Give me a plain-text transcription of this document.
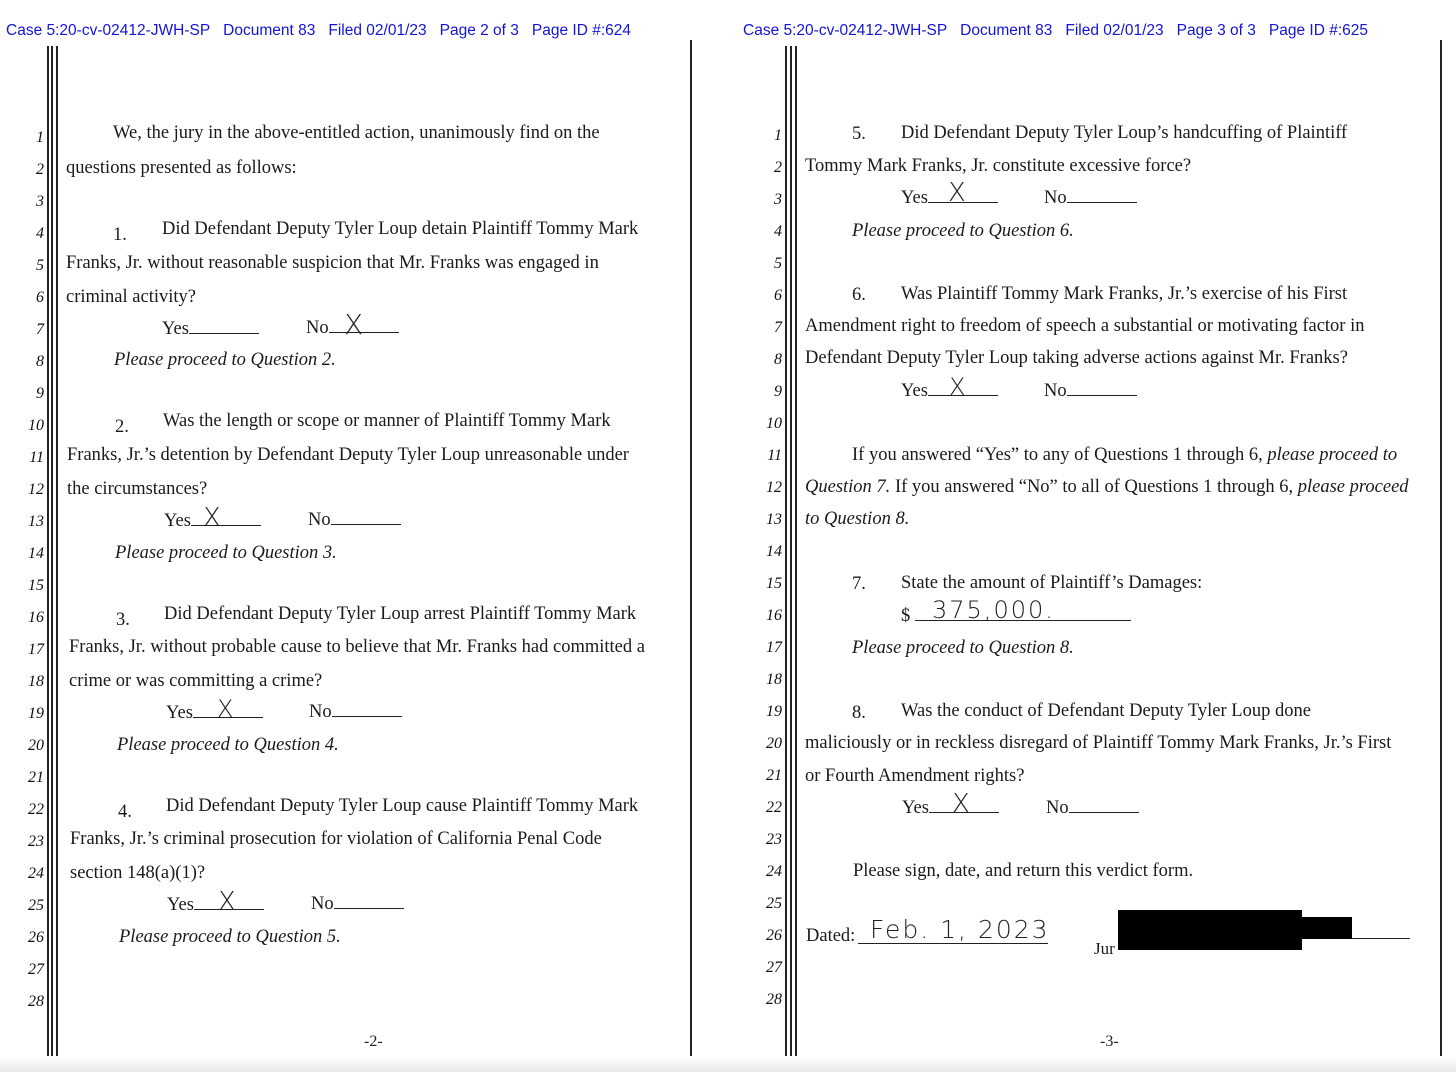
Case 5:20-cv-02412-JWH-SP Document 83 Filed 02/01/23 Page 2 of 3 Page ID #:624
1
2
3
4
5
6
7
8
9
10
11
12
13
14
15
16
17
18
19
20
21
22
23
24
25
26
27
28
We, the jury in the above-entitled action, unanimously find on the
questions presented as follows:
1. Did Defendant Deputy Tyler Loup detain Plaintiff Tommy Mark
Franks, Jr. without reasonable suspicion that Mr. Franks was engaged in
criminal activity?
Yes	No X
Please proceed to Question 2.
2. Was the length or scope or manner of Plaintiff Tommy Mark
Franks, Jr.’s detention by Defendant Deputy Tyler Loup unreasonable under
the circumstances?
Yes	No
X
Please proceed to Question 3.
3. Did Defendant Deputy Tyler Loup arrest Plaintiff Tommy Mark
Franks, Jr. without probable cause to believe that Mr. Franks had committed a
crime or was committing a crime?
Yes	No
X
Please proceed to Question 4.
4. Did Defendant Deputy Tyler Loup cause Plaintiff Tommy Mark
Franks, Jr.’s criminal prosecution for violation of California Penal Code
section 148(a)(1)?
Yes	No
X
Please proceed to Question 5.
-2-
Case 5:20-cv-02412-JWH-SP Document 83 Filed 02/01/23 Page 3 of 3 Page ID #:625
1
2
3
4
5
6
7
8
9
10
11
12
13
14
15
16
17
18
19
20
21
22
23
24
25
26
27
28
5. Did Defendant Deputy Tyler Loup’s handcuffing of Plaintiff
Tommy Mark Franks, Jr. constitute excessive force?
Yes	No
X
Please proceed to Question 6.
6. Was Plaintiff Tommy Mark Franks, Jr.’s exercise of his First
Amendment right to freedom of speech a substantial or motivating factor in
Defendant Deputy Tyler Loup taking adverse actions against Mr. Franks?
Yes	No
X
If you answered “Yes” to any of Questions 1 through 6, please proceed to
Question 7. If you answered “No” to all of Questions 1 through 6, please proceed
to Question 8.
7. State the amount of Plaintiff’s Damages:
$ 375,000.
Please proceed to Question 8.
8. Was the conduct of Defendant Deputy Tyler Loup done
maliciously or in reckless disregard of Plaintiff Tommy Mark Franks, Jr.’s First
or Fourth Amendment rights?
Yes	No
X
Please sign, date, and return this verdict form.
Dated: Feb. 1, 2023
Jur
-3-
